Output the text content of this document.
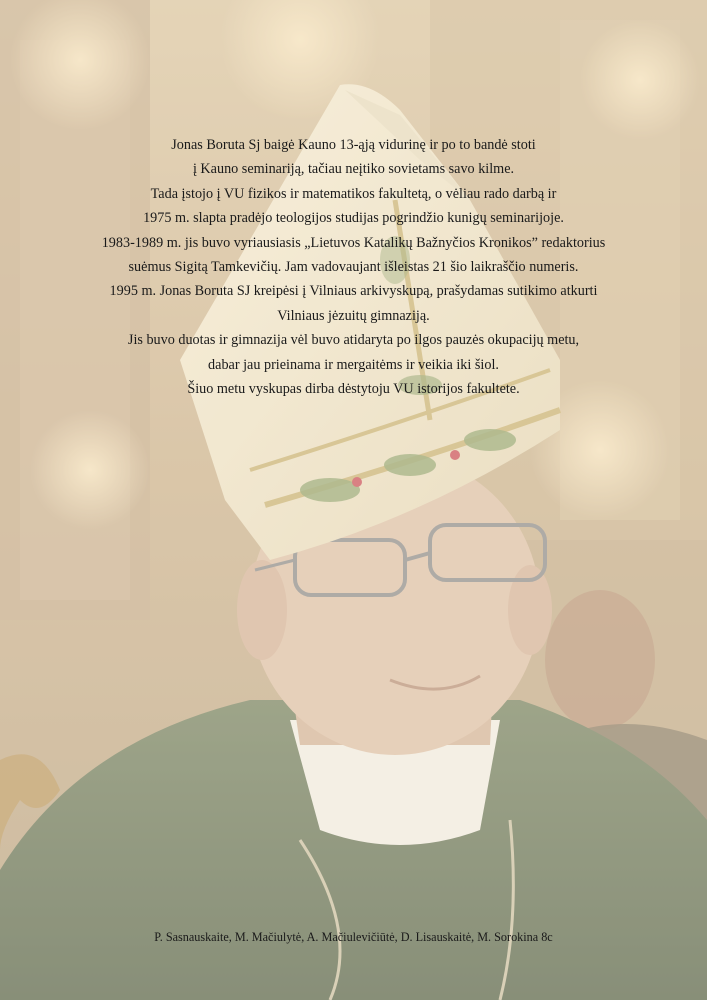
Jonas Boruta Sj baigė Kauno 13-ąją vidurinę ir po to bandė stoti

į Kauno seminariją, tačiau neįtiko sovietams savo kilme.

Tada įstojo į VU fizikos ir matematikos fakultetą, o vėliau rado darbą ir

1975 m. slapta pradėjo teologijos studijas pogrindžio kunigų seminarijoje.

1983-1989 m. jis buvo vyriausiasis „Lietuvos Katalikų Bažnyčios Kronikos” redaktorius

suėmus Sigitą Tamkevičių. Jam vadovaujant išleistas 21 šio laikraščio numeris.

1995 m. Jonas Boruta SJ kreipėsi į Vilniaus arkivyskupą, prašydamas sutikimo atkurti

Vilniaus jėzuitų gimnaziją.

Jis buvo duotas ir gimnazija vėl buvo atidaryta po ilgos pauzės okupacijų metu,

dabar jau prieinama ir mergaitėms ir veikia iki šiol.

Šiuo metu vyskupas dirba dėstytoju VU istorijos fakultete.

P. Sasnauskaite, M. Mačiulytė, A. Mačiulevičiūtė, D. Lisauskaitė, M. Sorokina 8c
